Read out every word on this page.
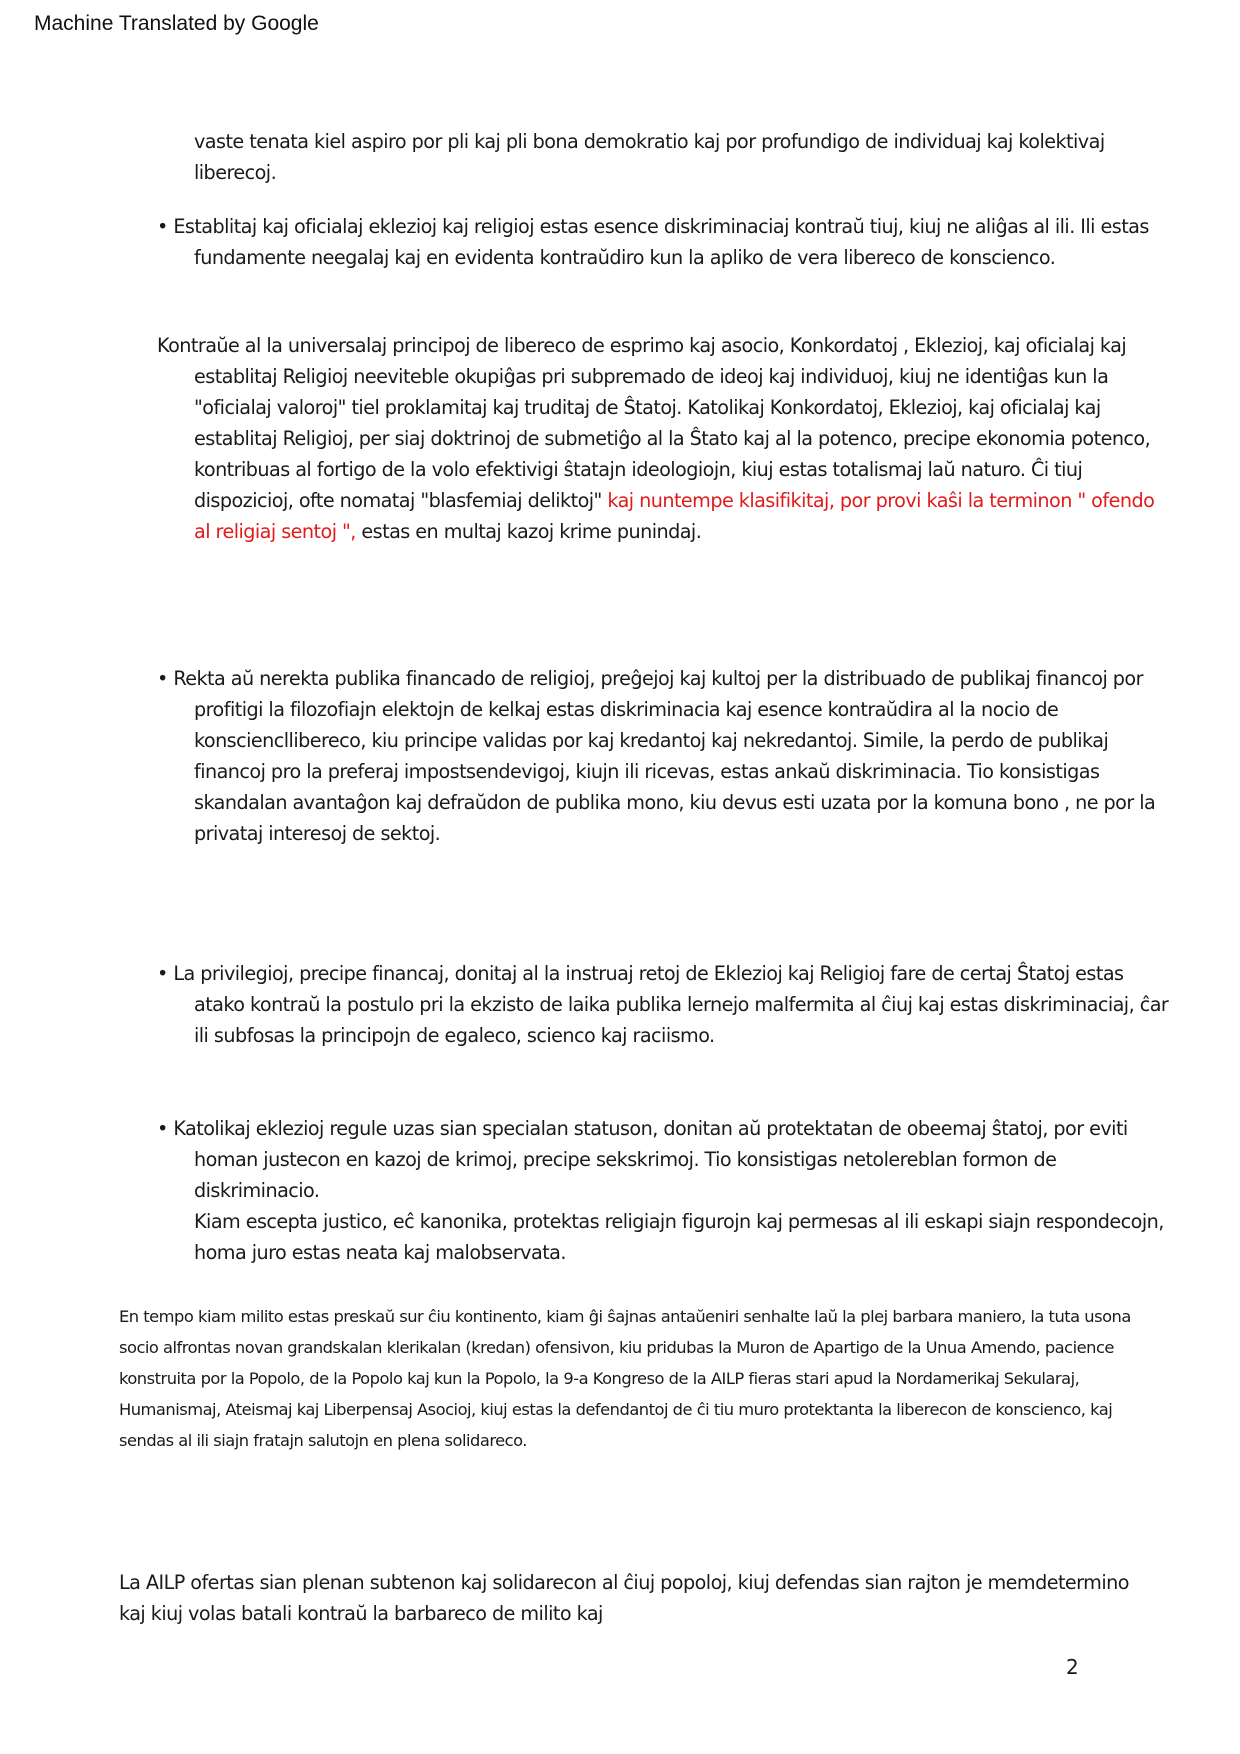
Machine Translated by Google
vaste tenata kiel aspiro por pli kaj pli bona demokratio kaj por profundigo de individuaj kaj kolektivaj liberecoj.
• Establitaj kaj oficialaj eklezioj kaj religioj estas esence diskriminaciaj kontraŭ tiuj, kiuj ne aliĝas al ili. Ili estas fundamente neegalaj kaj en evidenta kontraŭdiro kun la apliko de vera libereco de konscienco.
Kontraŭe al la universalaj principoj de libereco de esprimo kaj asocio, Konkordatoj , Eklezioj, kaj oficialaj kaj establitaj Religioj neeviteble okupiĝas pri subpremado de ideoj kaj individuoj, kiuj ne identiĝas kun la "oficialaj valoroj" tiel proklamitaj kaj truditaj de Ŝtatoj. Katolikaj Konkordatoj, Eklezioj, kaj oficialaj kaj establitaj Religioj, per siaj doktrinoj de submetiĝo al la Ŝtato kaj al la potenco, precipe ekonomia potenco, kontribuas al fortigo de la volo efektivigi ŝtatajn ideologiojn, kiuj estas totalismaj laŭ naturo. Ĉi tiuj dispozicioj, ofte nomataj "blasfemiaj deliktoj" kaj nuntempe klasifikitaj, por provi kaŝi la terminon " ofendo al religiaj sentoj ", estas en multaj kazoj krime punindaj.
• Rekta aŭ nerekta publika financado de religioj, preĝejoj kaj kultoj per la distribuado de publikaj financoj por profitigi la filozofiajn elektojn de kelkaj estas diskriminacia kaj esence kontraŭdira al la nocio de konsciencllibereco, kiu principe validas por kaj kredantoj kaj nekredantoj. Simile, la perdo de publikaj financoj pro la preferaj impostsendevigoj, kiujn ili ricevas, estas ankaŭ diskriminacia. Tio konsistigas skandalan avantaĝon kaj defraŭdon de publika mono, kiu devus esti uzata por la komuna bono , ne por la privataj interesoj de sektoj.
• La privilegioj, precipe financaj, donitaj al la instruaj retoj de Eklezioj kaj Religioj fare de certaj Ŝtatoj estas atako kontraŭ la postulo pri la ekzisto de laika publika lernejo malfermita al ĉiuj kaj estas diskriminaciaj, ĉar ili subfosas la principojn de egaleco, scienco kaj raciismo.
• Katolikaj eklezioj regule uzas sian specialan statuson, donitan aŭ protektatan de obeemaj ŝtatoj, por eviti homan justecon en kazoj de krimoj, precipe sekskrimoj. Tio konsistigas netolereblan formon de diskriminacio.
Kiam escepta justico, eĉ kanonika, protektas religiajn figurojn kaj permesas al ili eskapi siajn respondecojn, homa juro estas neata kaj malobservata.
En tempo kiam milito estas preskaŭ sur ĉiu kontinento, kiam ĝi ŝajnas antaŭeniri senhalte laŭ la plej barbara maniero, la tuta usona socio alfrontas novan grandskalan klerikalan (kredan) ofensivon, kiu pridubas la Muron de Apartigo de la Unua Amendo, pacience konstruita por la Popolo, de la Popolo kaj kun la Popolo, la 9-a Kongreso de la AILP fieras stari apud la Nordamerikaj Sekularaj, Humanismaj, Ateismaj kaj Liberpensaj Asocioj, kiuj estas la defendantoj de ĉi tiu muro protektanta la liberecon de konscienco, kaj sendas al ili siajn fratajn salutojn en plena solidareco.
La AILP ofertas sian plenan subtenon kaj solidarecon al ĉiuj popoloj, kiuj defendas sian rajton je memdetermino kaj kiuj volas batali kontraŭ la barbareco de milito kaj
2
